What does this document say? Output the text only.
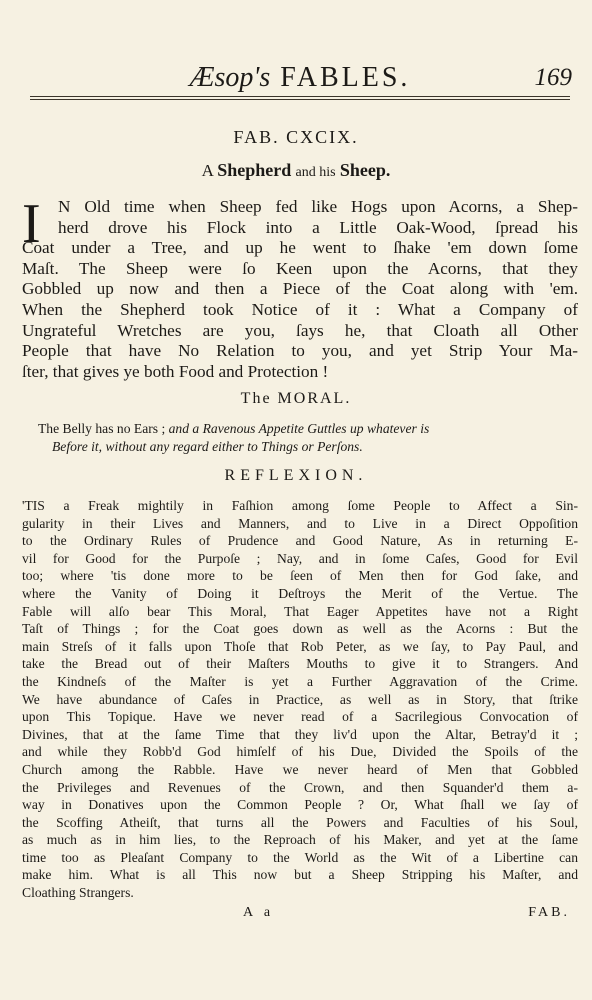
Æsop's FABLES.	169
FAB. CXCIX.
A Shepherd and his Sheep.
I	N Old time when Sheep fed like Hogs upon Acorns, a Shep-
herd drove his Flock into a Little Oak-Wood, ſpread his
Coat under a Tree, and up he went to ſhake 'em down ſome
Maſt. The Sheep were ſo Keen upon the Acorns, that they
Gobbled up now and then a Piece of the Coat along with 'em.
When the Shepherd took Notice of it : What a Company of
Ungrateful Wretches are you, ſays he, that Cloath all Other
People that have No Relation to you, and yet Strip Your Ma-
ſter, that gives ye both Food and Protection !
The MORAL.
The Belly has no Ears ; and a Ravenous Appetite Guttles up whatever is
Before it, without any regard either to Things or Perſons.
REFLEXION.
'TIS a Freak mightily in Faſhion among ſome People to Affect a Sin-
gularity in their Lives and Manners, and to Live in a Direct Oppoſition
to the Ordinary Rules of Prudence and Good Nature, As in returning E-
vil for Good for the Purpoſe ; Nay, and in ſome Caſes, Good for Evil
too; where 'tis done more to be ſeen of Men then for God ſake, and
where the Vanity of Doing it Deſtroys the Merit of the Vertue. The
Fable will alſo bear This Moral, That Eager Appetites have not a Right
Taſt of Things ; for the Coat goes down as well as the Acorns : But the
main Streſs of it falls upon Thoſe that Rob Peter, as we ſay, to Pay Paul, and
take the Bread out of their Maſters Mouths to give it to Strangers. And
the Kindneſs of the Maſter is yet a Further Aggravation of the Crime.
We have abundance of Caſes in Practice, as well as in Story, that ſtrike
upon This Topique. Have we never read of a Sacrilegious Convocation of
Divines, that at the ſame Time that they liv'd upon the Altar, Betray'd it ;
and while they Robb'd God himſelf of his Due, Divided the Spoils of the
Church among the Rabble. Have we never heard of Men that Gobbled
the Privileges and Revenues of the Crown, and then Squander'd them a-
way in Donatives upon the Common People ? Or, What ſhall we ſay of
the Scoffing Atheiſt, that turns all the Powers and Faculties of his Soul,
as much as in him lies, to the Reproach of his Maker, and yet at the ſame
time too as Pleaſant Company to the World as the Wit of a Libertine can
make him. What is all This now but a Sheep Stripping his Maſter, and
Cloathing Strangers.
A a	FAB.
